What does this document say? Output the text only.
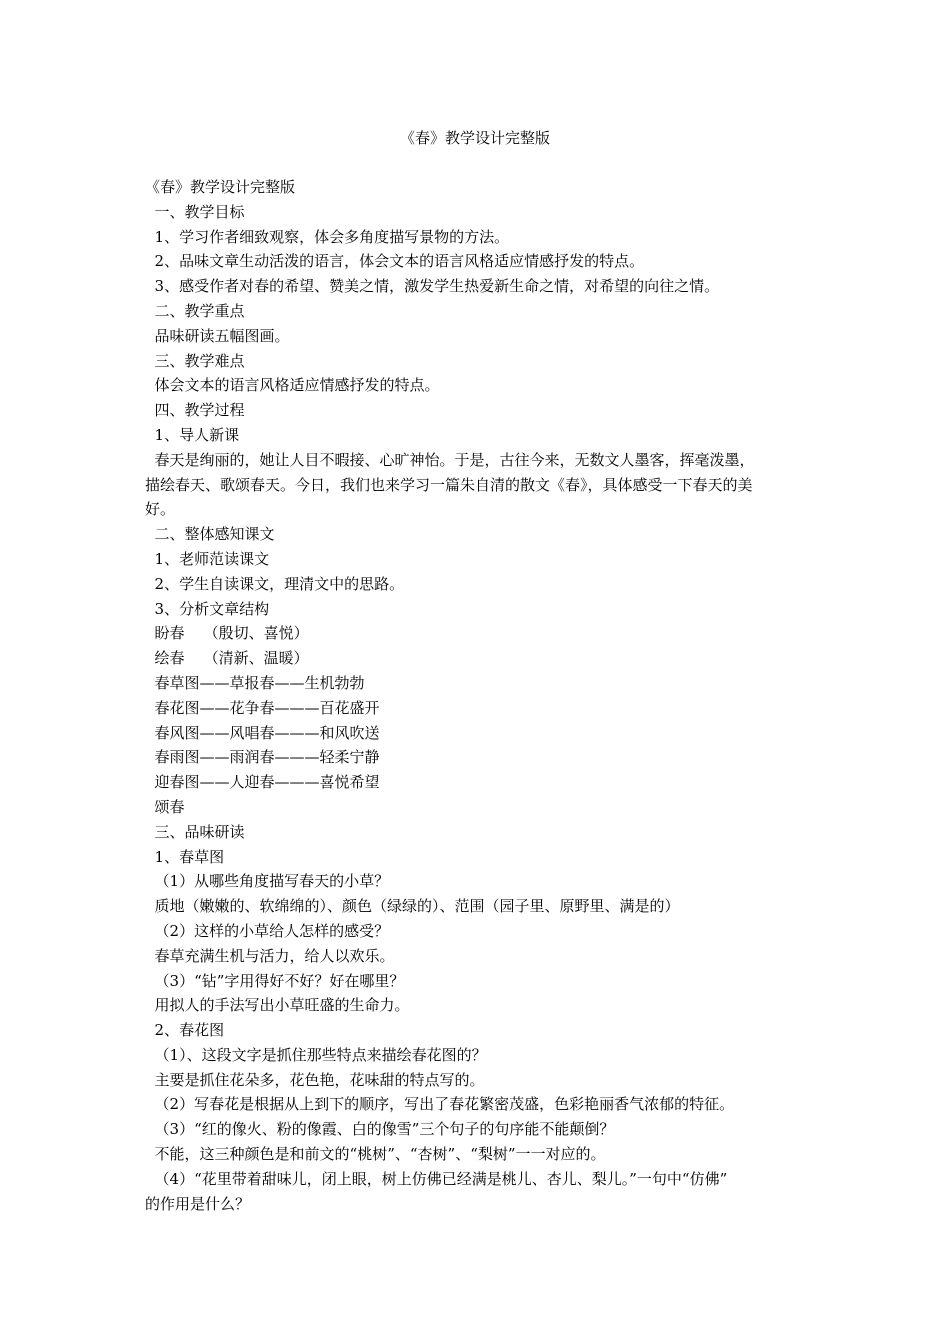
《春》教学设计完整版
《春》教学设计完整版
一、教学目标
1、学习作者细致观察，体会多角度描写景物的方法。
2、品味文章生动活泼的语言，体会文本的语言风格适应情感抒发的特点。
3、感受作者对春的希望、赞美之情，激发学生热爱新生命之情，对希望的向往之情。
二、教学重点
品味研读五幅图画。
三、教学难点
体会文本的语言风格适应情感抒发的特点。
四、教学过程
1、导人新课
春天是绚丽的，她让人目不暇接、心旷神怡。于是，古往今来，无数文人墨客，挥毫泼墨，
描绘春天、歌颂春天。今日，我们也来学习一篇朱自清的散文《春》，具体感受一下春天的美
好。
二、整体感知课文
1、老师范读课文
2、学生自读课文，理清文中的思路。
3、分析文章结构
盼春    （殷切、喜悦）
绘春    （清新、温暖）
春草图——草报春——生机勃勃
春花图——花争春———百花盛开
春风图——风唱春———和风吹送
春雨图——雨润春———轻柔宁静
迎春图——人迎春———喜悦希望
颂春
三、品味研读
1、春草图
（1）从哪些角度描写春天的小草？
质地（嫩嫩的、软绵绵的）、颜色（绿绿的）、范围（园子里、原野里、满是的）
（2）这样的小草给人怎样的感受？
春草充满生机与活力，给人以欢乐。
（3）“钻”字用得好不好？好在哪里？
用拟人的手法写出小草旺盛的生命力。
2、春花图
（1）、这段文字是抓住那些特点来描绘春花图的？
主要是抓住花朵多，花色艳，花味甜的特点写的。
（2）写春花是根据从上到下的顺序，写出了春花繁密茂盛，色彩艳丽香气浓郁的特征。
（3）“红的像火、粉的像霞、白的像雪”三个句子的句序能不能颠倒？
不能，这三种颜色是和前文的“桃树”、“杏树”、“梨树”一一对应的。
（4）“花里带着甜味儿，闭上眼，树上仿佛已经满是桃儿、杏儿、梨儿。”一句中“仿佛”
的作用是什么？
